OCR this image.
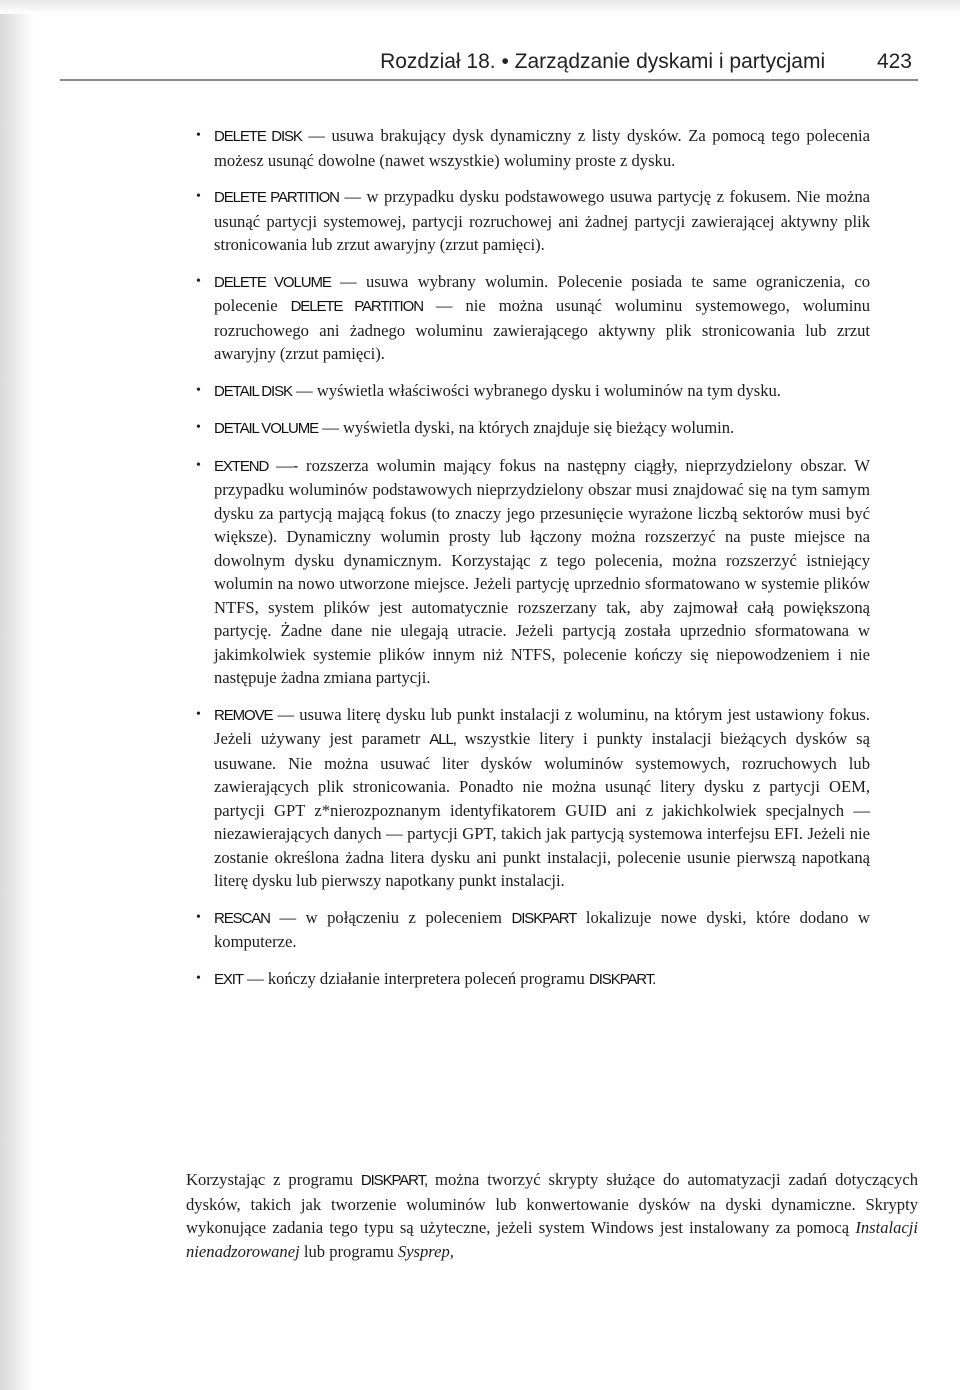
Rozdział 18. • Zarządzanie dyskami i partycjami 423
• DELETE DISK — usuwa brakujący dysk dynamiczny z listy dysków. Za pomocą tego polecenia możesz usunąć dowolne (nawet wszystkie) woluminy proste z dysku.
• DELETE PARTITION — w przypadku dysku podstawowego usuwa partycję z fokusem. Nie można usunąć partycji systemowej, partycji rozruchowej ani żadnej partycji zawierającej aktywny plik stronicowania lub zrzut awaryjny (zrzut pamięci).
• DELETE VOLUME — usuwa wybrany wolumin. Polecenie posiada te same ograniczenia, co polecenie DELETE PARTITION — nie można usunąć woluminu systemowego, woluminu rozruchowego ani żadnego woluminu zawierającego aktywny plik stronicowania lub zrzut awaryjny (zrzut pamięci).
• DETAIL DISK — wyświetla właściwości wybranego dysku i woluminów na tym dysku.
• DETAIL VOLUME — wyświetla dyski, na których znajduje się bieżący wolumin.
• EXTEND —- rozszerza wolumin mający fokus na następny ciągły, nieprzydzielony obszar. W przypadku woluminów podstawowych nieprzydzielony obszar musi znajdować się na tym samym dysku za partycją mającą fokus (to znaczy jego przesunięcie wyrażone liczbą sektorów musi być większe). Dynamiczny wolumin prosty lub łączony można rozszerzyć na puste miejsce na dowolnym dysku dynamicznym. Korzystając z tego polecenia, można rozszerzyć istniejący wolumin na nowo utworzone miejsce. Jeżeli partycję uprzednio sformatowano w systemie plików NTFS, system plików jest automatycznie rozszerzany tak, aby zajmował całą powiększoną partycję. Żadne dane nie ulegają utracie. Jeżeli partycją została uprzednio sformatowana w jakimkolwiek systemie plików innym niż NTFS, polecenie kończy się niepowodzeniem i nie następuje żadna zmiana partycji.
• REMOVE — usuwa literę dysku lub punkt instalacji z woluminu, na którym jest ustawiony fokus. Jeżeli używany jest parametr ALL, wszystkie litery i punkty instalacji bieżących dysków są usuwane. Nie można usuwać liter dysków woluminów systemowych, rozruchowych lub zawierających plik stronicowania. Ponadto nie można usunąć litery dysku z partycji OEM, partycji GPT z*nierozpoznanym identyfikatorem GUID ani z jakichkolwiek specjalnych — niezawierających danych — partycji GPT, takich jak partycją systemowa interfejsu EFI. Jeżeli nie zostanie określona żadna litera dysku ani punkt instalacji, polecenie usunie pierwszą napotkaną literę dysku lub pierwszy napotkany punkt instalacji.
• RESCAN — w połączeniu z poleceniem DISKPART lokalizuje nowe dyski, które dodano w komputerze.
• EXIT — kończy działanie interpretera poleceń programu DISKPART.
Korzystając z programu DISKPART, można tworzyć skrypty służące do automatyzacji zadań dotyczących dysków, takich jak tworzenie woluminów lub konwertowanie dysków na dyski dynamiczne. Skrypty wykonujące zadania tego typu są użyteczne, jeżeli system Windows jest instalowany za pomocą Instalacji nienadzorowanej lub programu Sysprep,
